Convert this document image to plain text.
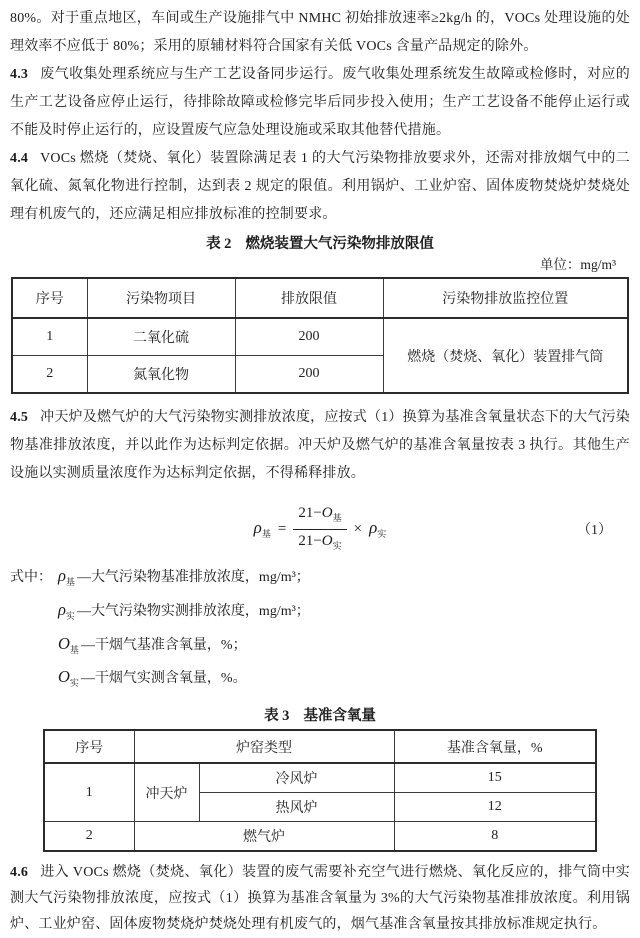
80%。对于重点地区，车间或生产设施排气中 NMHC 初始排放速率≥2kg/h 的，VOCs 处理设施的处理效率不应低于 80%；采用的原辅材料符合国家有关低 VOCs 含量产品规定的除外。

4.3 废气收集处理系统应与生产工艺设备同步运行。废气收集处理系统发生故障或检修时，对应的生产工艺设备应停止运行，待排除故障或检修完毕后同步投入使用；生产工艺设备不能停止运行或不能及时停止运行的，应设置废气应急处理设施或采取其他替代措施。

4.4 VOCs 燃烧（焚烧、氧化）装置除满足表 1 的大气污染物排放要求外，还需对排放烟气中的二氧化硫、氮氧化物进行控制，达到表 2 规定的限值。利用锅炉、工业炉窑、固体废物焚烧炉焚烧处理有机废气的，还应满足相应排放标准的控制要求。

表 2 燃烧装置大气污染物排放限值

单位：mg/m³

序号	污染物项目	排放限值	污染物排放监控位置
1	二氧化硫	200	燃烧（焚烧、氧化）装置排气筒
2	氮氧化物	200	

4.5 冲天炉及燃气炉的大气污染物实测排放浓度，应按式（1）换算为基准含氧量状态下的大气污染物基准排放浓度，并以此作为达标判定依据。冲天炉及燃气炉的基准含氧量按表 3 执行。其他生产设施以实测质量浓度作为达标判定依据，不得稀释排放。

$\rho_基 = \frac{21-O_基}{21-O_实} \times \rho_实$	（1）
式中： $\rho_基$ —大气污染物基准排放浓度，mg/m³；
$\rho_实$ —大气污染物实测排放浓度，mg/m³；
$O_基$ —干烟气基准含氧量，%；
$O_实$ —干烟气实测含氧量，%。

表 3 基准含氧量

序号	炉窑类型		基准含氧量，%
1	冲天炉	冷风炉	15
		热风炉	12
2	燃气炉		8

4.6 进入 VOCs 燃烧（焚烧、氧化）装置的废气需要补充空气进行燃烧、氧化反应的，排气筒中实测大气污染物排放浓度，应按式（1）换算为基准含氧量为 3%的大气污染物基准排放浓度。利用锅炉、工业炉窑、固体废物焚烧炉焚烧处理有机废气的，烟气基准含氧量按其排放标准规定执行。
